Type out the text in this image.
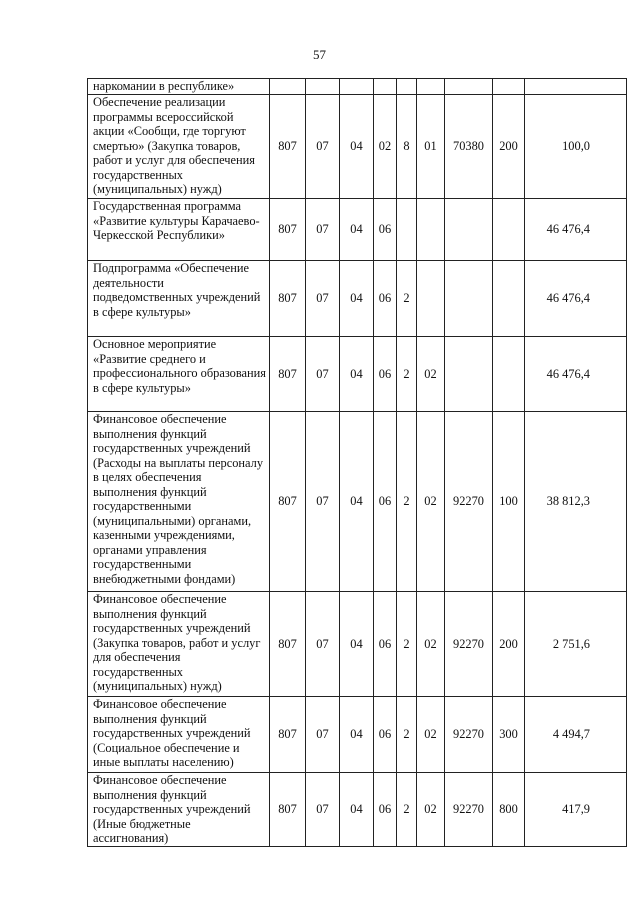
57
наркомании в республике»									
Обеспечение реализации программы всероссийской акции «Сообщи, где торгуют смертью» (Закупка товаров, работ и услуг для обеспечения государственных (муниципальных) нужд)	807	07	04	02	8	01	70380	200	100,0
Государственная программа «Развитие культуры Карачаево-Черкесской Республики»	807	07	04	06					46 476,4
Подпрограмма «Обеспечение деятельности подведомственных учреждений в сфере культуры»	807	07	04	06	2				46 476,4
Основное мероприятие «Развитие среднего и профессионального образования в сфере культуры»	807	07	04	06	2	02			46 476,4
Финансовое обеспечение выполнения функций государственных учреждений (Расходы на выплаты персоналу в целях обеспечения выполнения функций государственными (муниципальными) органами, казенными учреждениями, органами управления государственными внебюджетными фондами)	807	07	04	06	2	02	92270	100	38 812,3
Финансовое обеспечение выполнения функций государственных учреждений (Закупка товаров, работ и услуг для обеспечения государственных (муниципальных) нужд)	807	07	04	06	2	02	92270	200	2 751,6
Финансовое обеспечение выполнения функций государственных учреждений (Социальное обеспечение и иные выплаты населению)	807	07	04	06	2	02	92270	300	4 494,7
Финансовое обеспечение выполнения функций государственных учреждений (Иные бюджетные ассигнования)	807	07	04	06	2	02	92270	800	417,9
